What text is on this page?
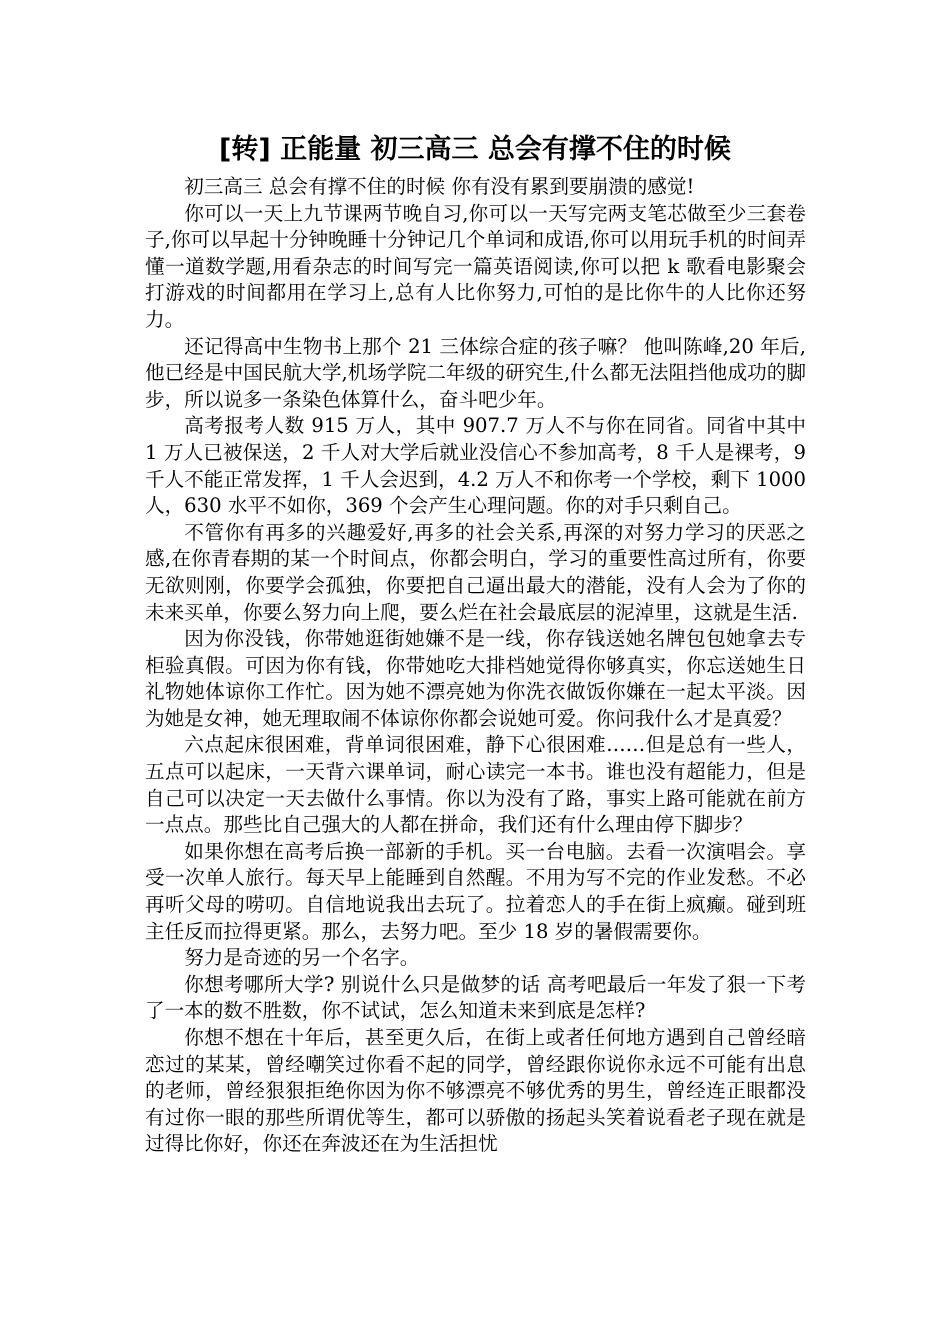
[转] 正能量 初三高三 总会有撑不住的时候

初三高三 总会有撑不住的时候 你有没有累到要崩溃的感觉!

你可以一天上九节课两节晚自习,你可以一天写完两支笔芯做至少三套卷子,你可以早起十分钟晚睡十分钟记几个单词和成语,你可以用玩手机的时间弄懂一道数学题,用看杂志的时间写完一篇英语阅读,你可以把 k 歌看电影聚会打游戏的时间都用在学习上,总有人比你努力,可怕的是比你牛的人比你还努力。

还记得高中生物书上那个 21 三体综合症的孩子嘛？ 他叫陈峰,20 年后,他已经是中国民航大学,机场学院二年级的研究生,什么都无法阻挡他成功的脚步，所以说多一条染色体算什么，奋斗吧少年。

高考报考人数 915 万人，其中 907.7 万人不与你在同省。同省中其中 1 万人已被保送，2 千人对大学后就业没信心不参加高考，8 千人是裸考，9 千人不能正常发挥，1 千人会迟到，4.2 万人不和你考一个学校，剩下 1000 人，630 水平不如你，369 个会产生心理问题。你的对手只剩自己。

不管你有再多的兴趣爱好,再多的社会关系,再深的对努力学习的厌恶之感,在你青春期的某一个时间点，你都会明白，学习的重要性高过所有，你要无欲则刚，你要学会孤独，你要把自己逼出最大的潜能，没有人会为了你的未来买单，你要么努力向上爬，要么烂在社会最底层的泥淖里，这就是生活.

因为你没钱，你带她逛街她嫌不是一线，你存钱送她名牌包包她拿去专柜验真假。可因为你有钱，你带她吃大排档她觉得你够真实，你忘送她生日礼物她体谅你工作忙。因为她不漂亮她为你洗衣做饭你嫌在一起太平淡。因为她是女神，她无理取闹不体谅你你都会说她可爱。你问我什么才是真爱？

六点起床很困难，背单词很困难，静下心很困难……但是总有一些人，五点可以起床，一天背六课单词，耐心读完一本书。谁也没有超能力，但是自己可以决定一天去做什么事情。你以为没有了路，事实上路可能就在前方一点点。那些比自己强大的人都在拼命，我们还有什么理由停下脚步？

如果你想在高考后换一部新的手机。买一台电脑。去看一次演唱会。享受一次单人旅行。每天早上能睡到自然醒。不用为写不完的作业发愁。不必再听父母的唠叨。自信地说我出去玩了。拉着恋人的手在街上疯癫。碰到班主任反而拉得更紧。那么，去努力吧。至少 18 岁的暑假需要你。

努力是奇迹的另一个名字。

你想考哪所大学? 别说什么只是做梦的话 高考吧最后一年发了狠一下考了一本的数不胜数，你不试试，怎么知道未来到底是怎样?

你想不想在十年后，甚至更久后，在街上或者任何地方遇到自己曾经暗恋过的某某，曾经嘲笑过你看不起的同学，曾经跟你说你永远不可能有出息的老师，曾经狠狠拒绝你因为你不够漂亮不够优秀的男生，曾经连正眼都没有过你一眼的那些所谓优等生，都可以骄傲的扬起头笑着说看老子现在就是过得比你好，你还在奔波还在为生活担忧
